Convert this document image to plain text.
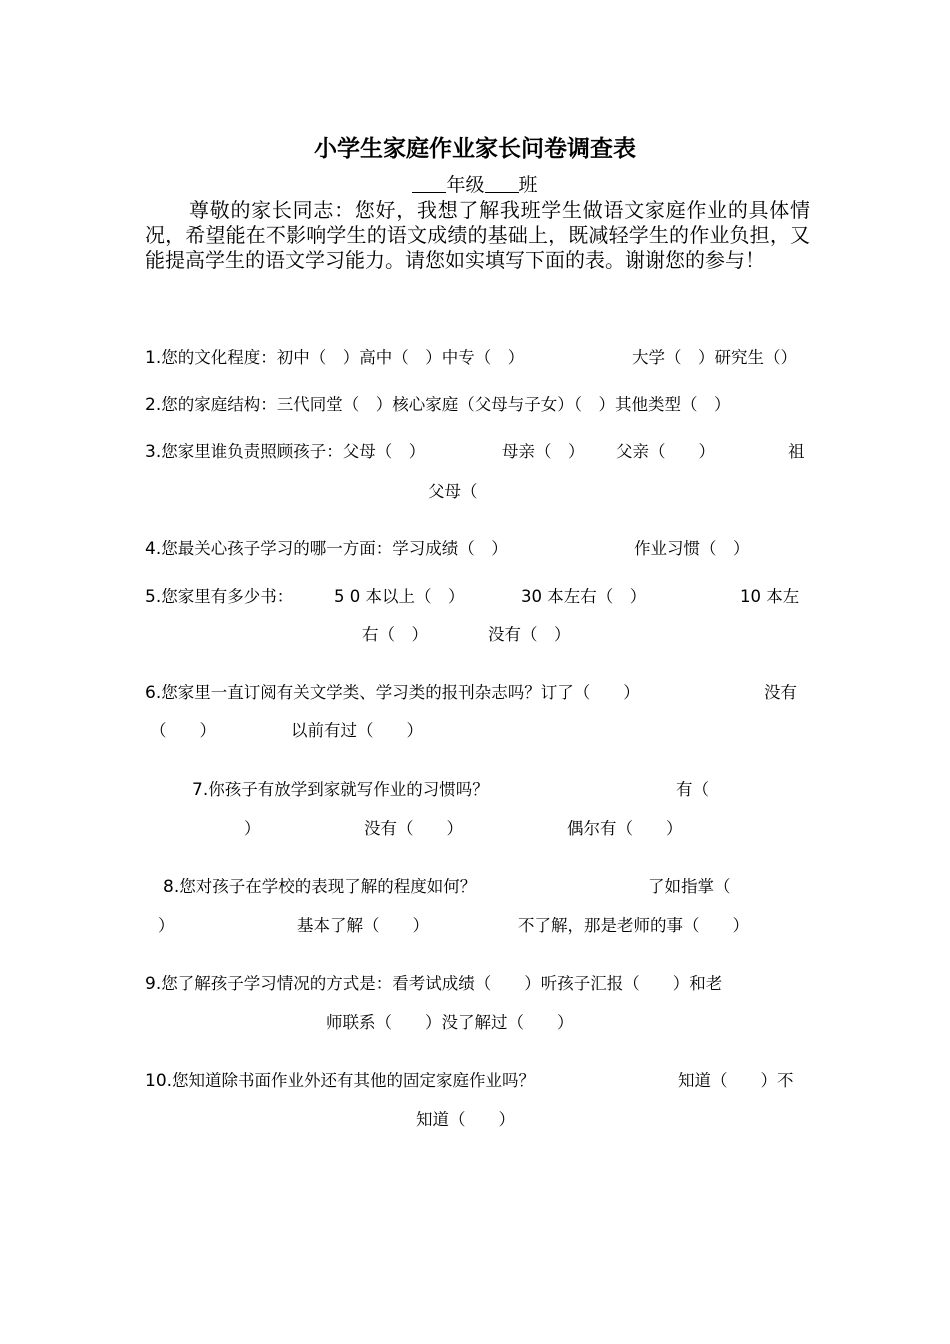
小学生家庭作业家长问卷调查表
年级 班
尊敬的家长同志：您好，我想了解我班学生做语文家庭作业的具体情况，希望能在不影响学生的语文成绩的基础上，既减轻学生的作业负担，又能提高学生的语文学习能力。请您如实填写下面的表。谢谢您的参与！
1.您的文化程度：初中（　）高中（　）中专（　）	大学（　）研究生（）
2.您的家庭结构：三代同堂（　）核心家庭（父母与子女）（　）其他类型（　）
3.您家里谁负责照顾孩子：父母（　）	母亲（　） 父亲（　　）	祖
父母（
4.您最关心孩子学习的哪一方面：学习成绩（　）	作业习惯（　）
5.您家里有多少书： 5 0 本以上（　）	30 本左右（　）	10 本左
右（　）	没有（　）
6.您家里一直订阅有关文学类、学习类的报刊杂志吗？订了（　　）	没有
（　　）	以前有过（　　）
7.你孩子有放学到家就写作业的习惯吗？	有（
）	没有（　　）	偶尔有（　　）
8.您对孩子在学校的表现了解的程度如何？	了如指掌（
）	基本了解（　　）	不了解，那是老师的事（　　）
9.您了解孩子学习情况的方式是：看考试成绩（　　）听孩子汇报（　　）和老
师联系（　　）没了解过（　　）
10.您知道除书面作业外还有其他的固定家庭作业吗？	知道（　　）不
知道（　　）
